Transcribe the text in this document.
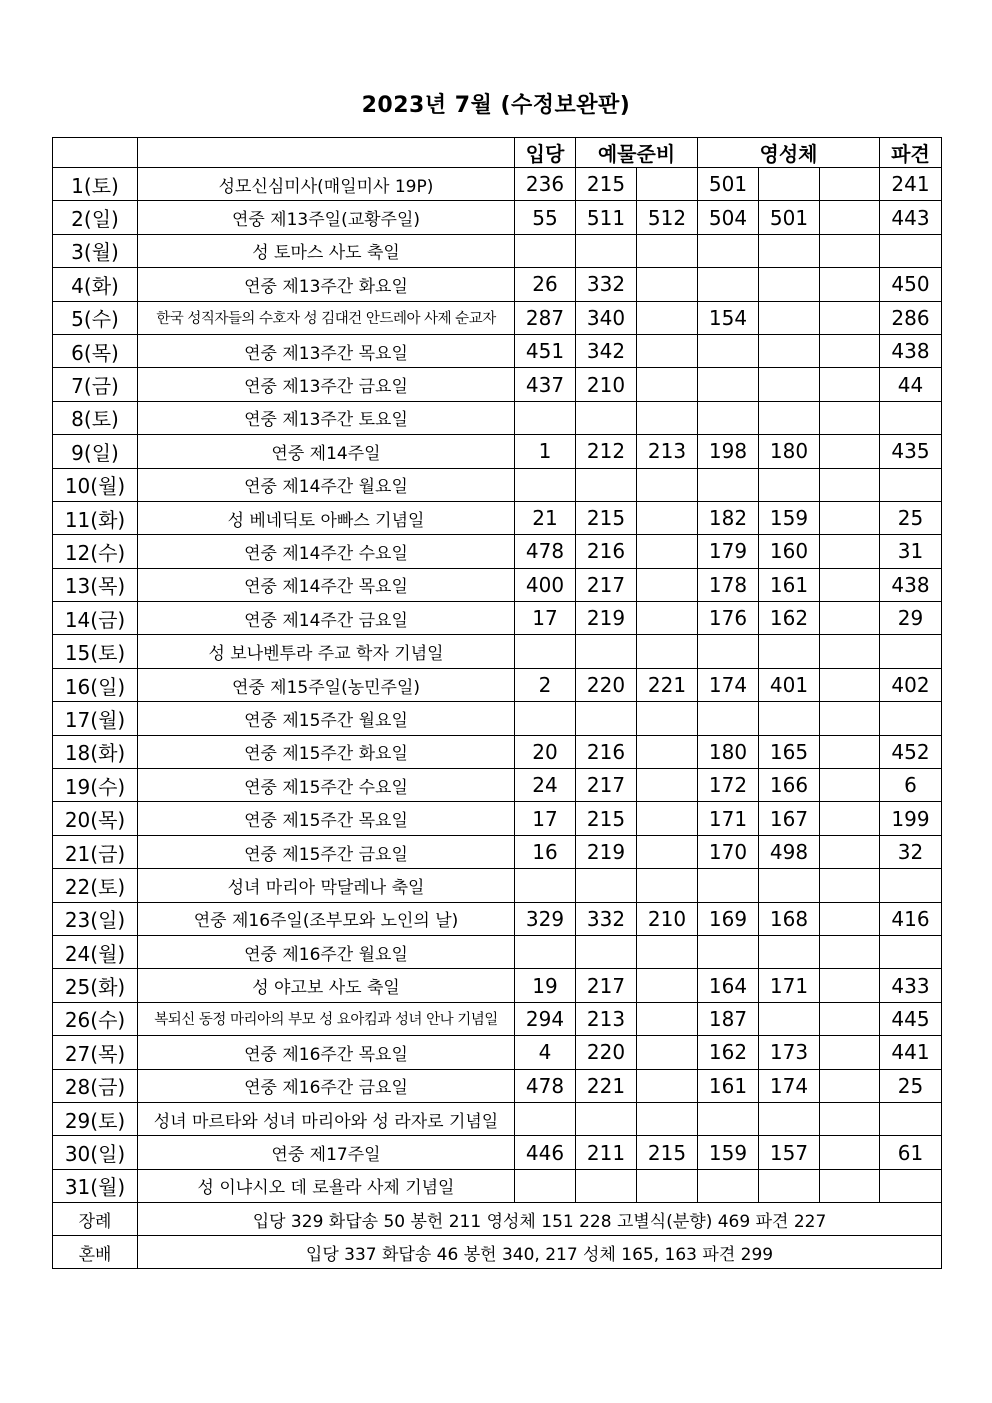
2023년 7월 (수정보완판)
		입당	예물준비		영성체			파견
1(토)	성모신심미사(매일미사 19P)	236	215		501			241
2(일)	연중 제13주일(교황주일)	55	511	512	504	501		443
3(월)	성 토마스 사도 축일							
4(화)	연중 제13주간 화요일	26	332					450
5(수)	한국 성직자들의 수호자 성 김대건 안드레아 사제 순교자	287	340		154			286
6(목)	연중 제13주간 목요일	451	342					438
7(금)	연중 제13주간 금요일	437	210					44
8(토)	연중 제13주간 토요일							
9(일)	연중 제14주일	1	212	213	198	180		435
10(월)	연중 제14주간 월요일							
11(화)	성 베네딕토 아빠스 기념일	21	215		182	159		25
12(수)	연중 제14주간 수요일	478	216		179	160		31
13(목)	연중 제14주간 목요일	400	217		178	161		438
14(금)	연중 제14주간 금요일	17	219		176	162		29
15(토)	성 보나벤투라 주교 학자 기념일							
16(일)	연중 제15주일(농민주일)	2	220	221	174	401		402
17(월)	연중 제15주간 월요일							
18(화)	연중 제15주간 화요일	20	216		180	165		452
19(수)	연중 제15주간 수요일	24	217		172	166		6
20(목)	연중 제15주간 목요일	17	215		171	167		199
21(금)	연중 제15주간 금요일	16	219		170	498		32
22(토)	성녀 마리아 막달레나 축일							
23(일)	연중 제16주일(조부모와 노인의 날)	329	332	210	169	168		416
24(월)	연중 제16주간 월요일							
25(화)	성 야고보 사도 축일	19	217		164	171		433
26(수)	복되신 동정 마리아의 부모 성 요아킴과 성녀 안나 기념일	294	213		187			445
27(목)	연중 제16주간 목요일	4	220		162	173		441
28(금)	연중 제16주간 금요일	478	221		161	174		25
29(토)	성녀 마르타와 성녀 마리아와 성 라자로 기념일							
30(일)	연중 제17주일	446	211	215	159	157		61
31(월)	성 이냐시오 데 로욜라 사제 기념일							
장례	입당 329 화답송 50 봉헌 211 영성체 151 228 고별식(분향) 469 파견 227							
혼배	입당 337 화답송 46 봉헌 340, 217 성체 165, 163 파견 299							
